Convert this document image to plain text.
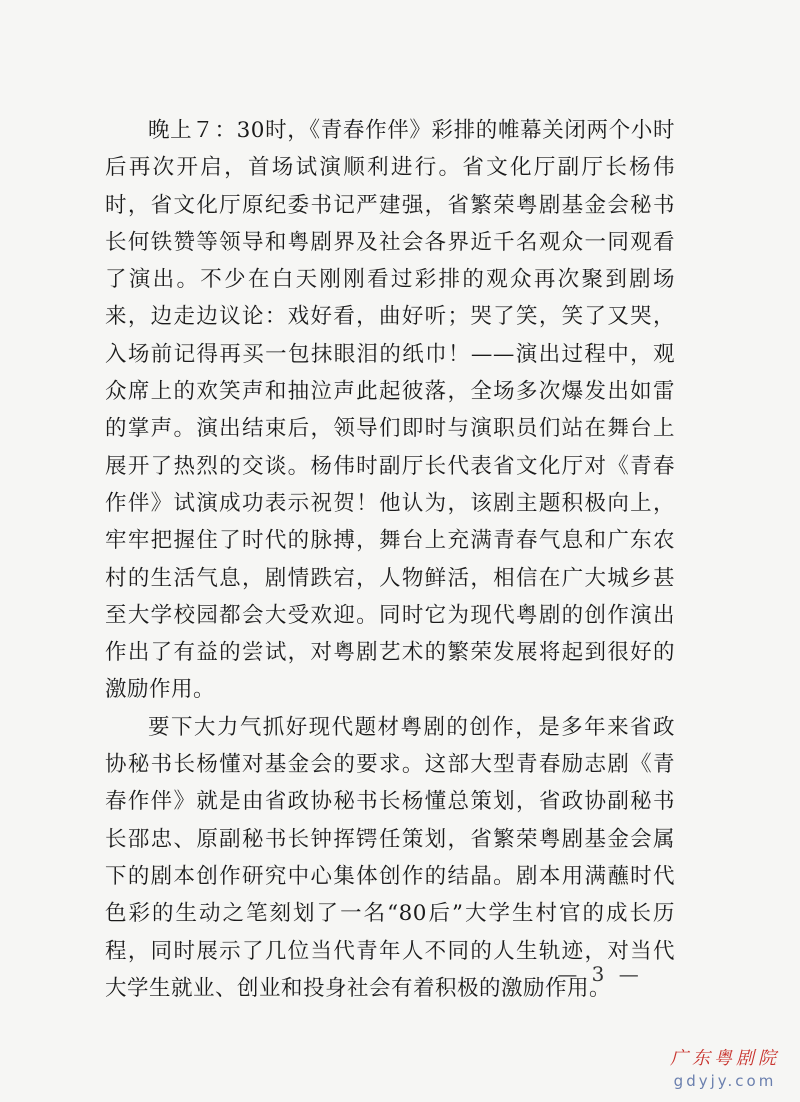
晚上７：30时，《青春作伴》彩排的帷幕关闭两个小时后再次开启，首场试演顺利进行。省文化厅副厅长杨伟时，省文化厅原纪委书记严建强，省繁荣粤剧基金会秘书长何铁赞等领导和粤剧界及社会各界近千名观众一同观看了演出。不少在白天刚刚看过彩排的观众再次聚到剧场来，边走边议论：戏好看，曲好听；哭了笑，笑了又哭，入场前记得再买一包抹眼泪的纸巾！——演出过程中，观众席上的欢笑声和抽泣声此起彼落，全场多次爆发出如雷的掌声。演出结束后，领导们即时与演职员们站在舞台上展开了热烈的交谈。杨伟时副厅长代表省文化厅对《青春作伴》试演成功表示祝贺！他认为，该剧主题积极向上，牢牢把握住了时代的脉搏，舞台上充满青春气息和广东农村的生活气息，剧情跌宕，人物鲜活，相信在广大城乡甚至大学校园都会大受欢迎。同时它为现代粤剧的创作演出作出了有益的尝试，对粤剧艺术的繁荣发展将起到很好的激励作用。

要下大力气抓好现代题材粤剧的创作，是多年来省政协秘书长杨懂对基金会的要求。这部大型青春励志剧《青春作伴》就是由省政协秘书长杨懂总策划，省政协副秘书长邵忠、原副秘书长钟挥锷任策划，省繁荣粤剧基金会属下的剧本创作研究中心集体创作的结晶。剧本用满蘸时代色彩的生动之笔刻划了一名“80后”大学生村官的成长历程，同时展示了几位当代青年人不同的人生轨迹，对当代大学生就业、创业和投身社会有着积极的激励作用。

— 3 —
广东粤剧院
gdyjy.com
